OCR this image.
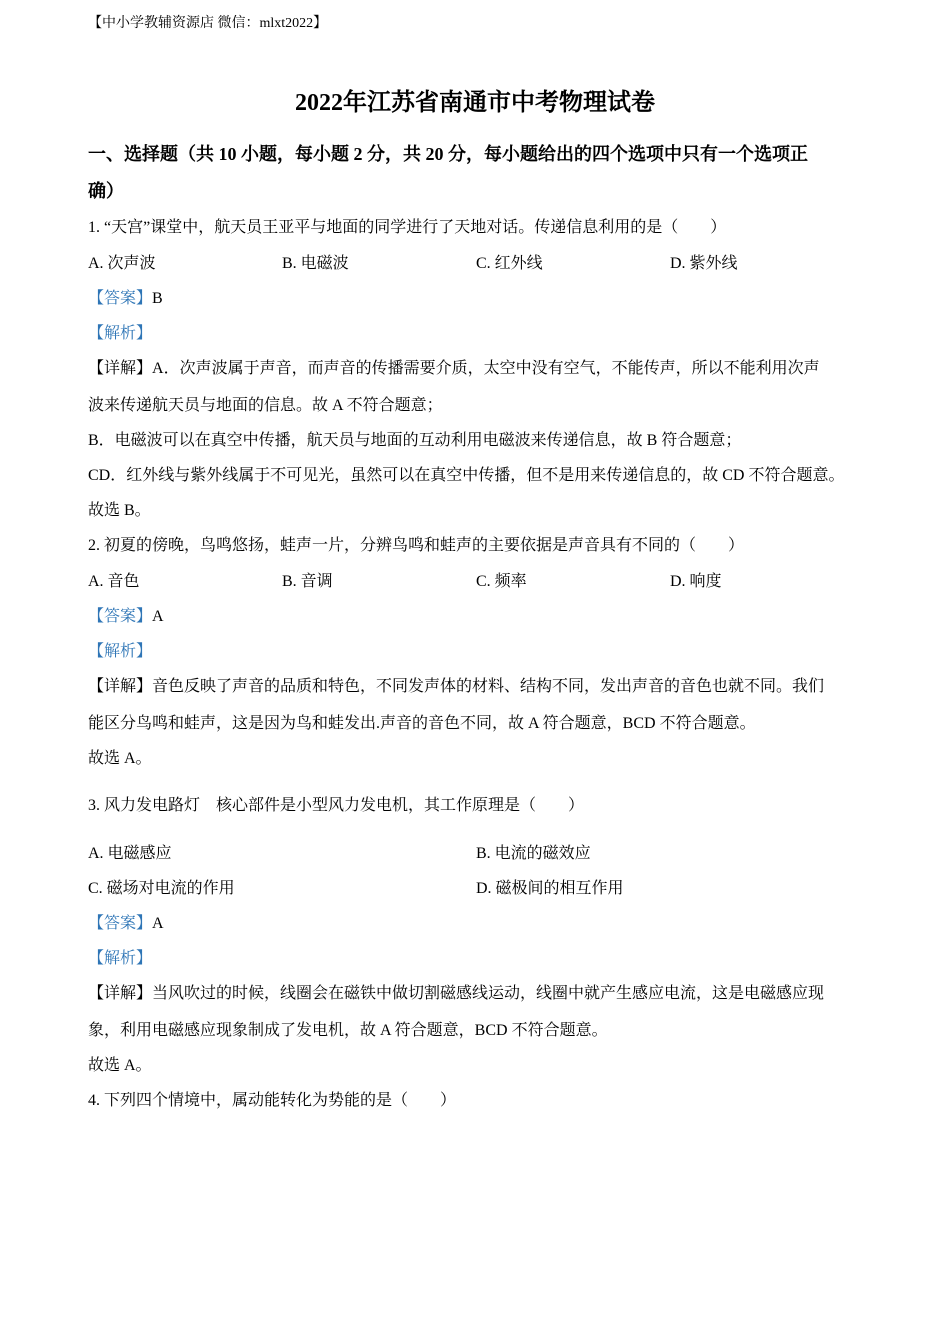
【中小学教辅资源店 微信：mlxt2022】
2022年江苏省南通市中考物理试卷
一、选择题（共 10 小题，每小题 2 分，共 20 分，每小题给出的四个选项中只有一个选项正
确）
1. “天宫”课堂中，航天员王亚平与地面的同学进行了天地对话。传递信息利用的是（　　）
A. 次声波	B. 电磁波	C. 红外线	D. 紫外线
【答案】B
【解析】
【详解】A．次声波属于声音，而声音的传播需要介质，太空中没有空气，不能传声，所以不能利用次声
波来传递航天员与地面的信息。故 A 不符合题意；
B．电磁波可以在真空中传播，航天员与地面的互动利用电磁波来传递信息，故 B 符合题意；
CD．红外线与紫外线属于不可见光，虽然可以在真空中传播，但不是用来传递信息的，故 CD 不符合题意。
故选 B。
2. 初夏的傍晚，鸟鸣悠扬，蛙声一片，分辨鸟鸣和蛙声的主要依据是声音具有不同的（　　）
A. 音色	B. 音调	C. 频率	D. 响度
【答案】A
【解析】
【详解】音色反映了声音的品质和特色，不同发声体的材料、结构不同，发出声音的音色也就不同。我们
能区分鸟鸣和蛙声，这是因为鸟和蛙发出.声音的音色不同，故 A 符合题意，BCD 不符合题意。
故选 A。
3. 风力发电路灯　核心部件是小型风力发电机，其工作原理是（　　）
A. 电磁感应	B. 电流的磁效应
C. 磁场对电流的作用	D. 磁极间的相互作用
【答案】A
【解析】
【详解】当风吹过的时候，线圈会在磁铁中做切割磁感线运动，线圈中就产生感应电流，这是电磁感应现
象，利用电磁感应现象制成了发电机，故 A 符合题意，BCD 不符合题意。
故选 A。
4. 下列四个情境中，属动能转化为势能的是（　　）
